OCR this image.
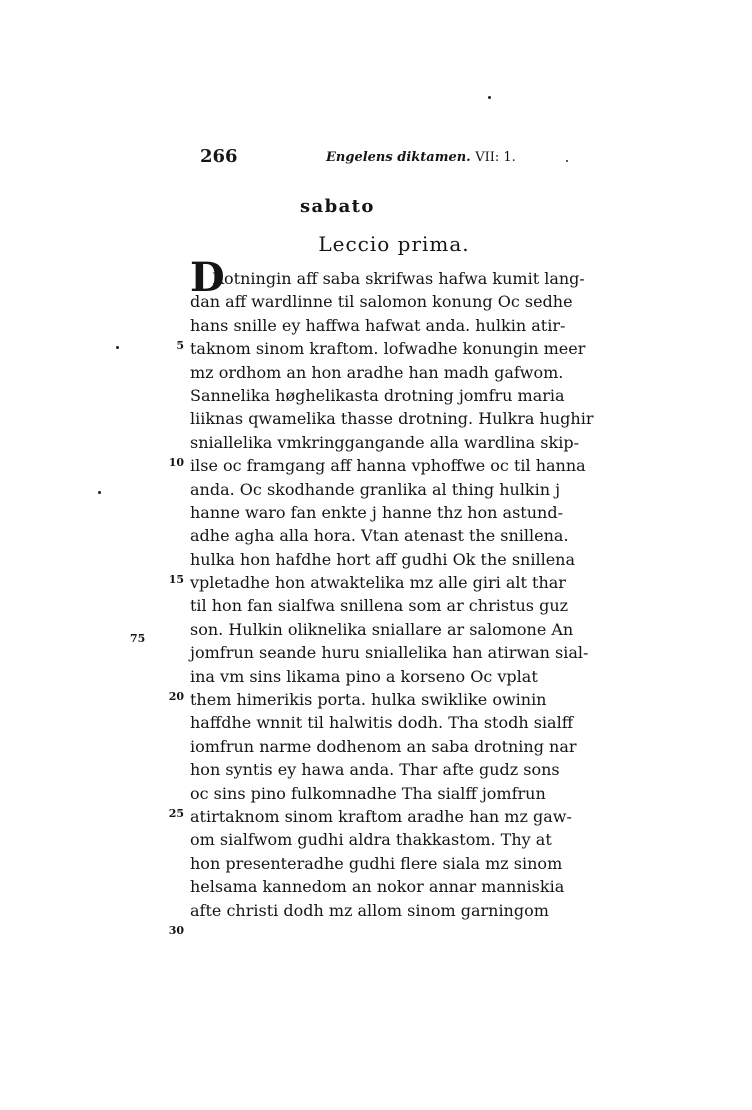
266	Engelens diktamen. VII: 1.
sabato
Leccio prima.
D
Rotningin aff saba skrifwas hafwa kumit lang-
dan aff wardlinne til salomon konung Oc sedhe
hans snille ey haffwa hafwat anda. hulkin atir-
taknom sinom kraftom. lofwadhe konungin meer
mz ordhom an hon aradhe han madh gafwom.
Sannelika høghelikasta drotning jomfru maria
liiknas qwamelika thasse drotning. Hulkra hughir
sniallelika vmkringgangande alla wardlina skip-
ilse oc framgang aff hanna vphoffwe oc til hanna
anda. Oc skodhande granlika al thing hulkin j
hanne waro fan enkte j hanne thz hon astund-
adhe agha alla hora. Vtan atenast the snillena.
hulka hon hafdhe hort aff gudhi Ok the snillena
vpletadhe hon atwaktelika mz alle giri alt thar
til hon fan sialfwa snillena som ar christus guz
son. Hulkin oliknelika sniallare ar salomone An
jomfrun seande huru sniallelika han atirwan sial-
ina vm sins likama pino a korseno Oc vplat
them himerikis porta. hulka swiklike owinin
haffdhe wnnit til halwitis dodh. Tha stodh sialff
iomfrun narme dodhenom an saba drotning nar
hon syntis ey hawa anda. Thar afte gudz sons
oc sins pino fulkomnadhe Tha sialff jomfrun
atirtaknom sinom kraftom aradhe han mz gaw-
om sialfwom gudhi aldra thakkastom. Thy at
hon presenteradhe gudhi flere siala mz sinom
helsama kannedom an nokor annar manniskia
afte christi dodh mz allom sinom garningom
5
10
15
20
25
30
75
